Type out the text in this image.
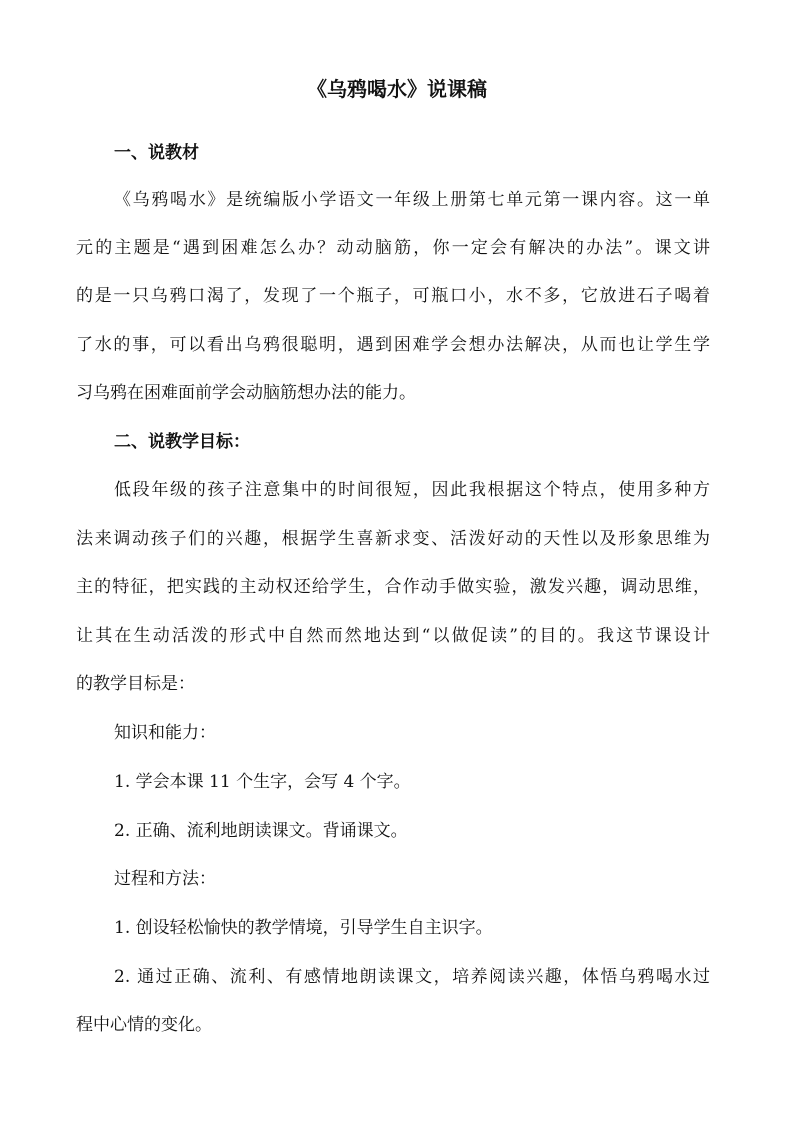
《乌鸦喝水》说课稿

一、说教材

《乌鸦喝水》是统编版小学语文一年级上册第七单元第一课内容。这一单

元的主题是“遇到困难怎么办？动动脑筋，你一定会有解决的办法”。课文讲

的是一只乌鸦口渴了，发现了一个瓶子，可瓶口小，水不多，它放进石子喝着

了水的事，可以看出乌鸦很聪明，遇到困难学会想办法解决，从而也让学生学

习乌鸦在困难面前学会动脑筋想办法的能力。

二、说教学目标：

低段年级的孩子注意集中的时间很短，因此我根据这个特点，使用多种方

法来调动孩子们的兴趣，根据学生喜新求变、活泼好动的天性以及形象思维为

主的特征，把实践的主动权还给学生，合作动手做实验，激发兴趣，调动思维，

让其在生动活泼的形式中自然而然地达到“以做促读”的目的。我这节课设计

的教学目标是：

知识和能力：

1. 学会本课 11 个生字，会写 4 个字。

2. 正确、流利地朗读课文。背诵课文。

过程和方法：

1. 创设轻松愉快的教学情境，引导学生自主识字。

2. 通过正确、流利、有感情地朗读课文，培养阅读兴趣，体悟乌鸦喝水过

程中心情的变化。
